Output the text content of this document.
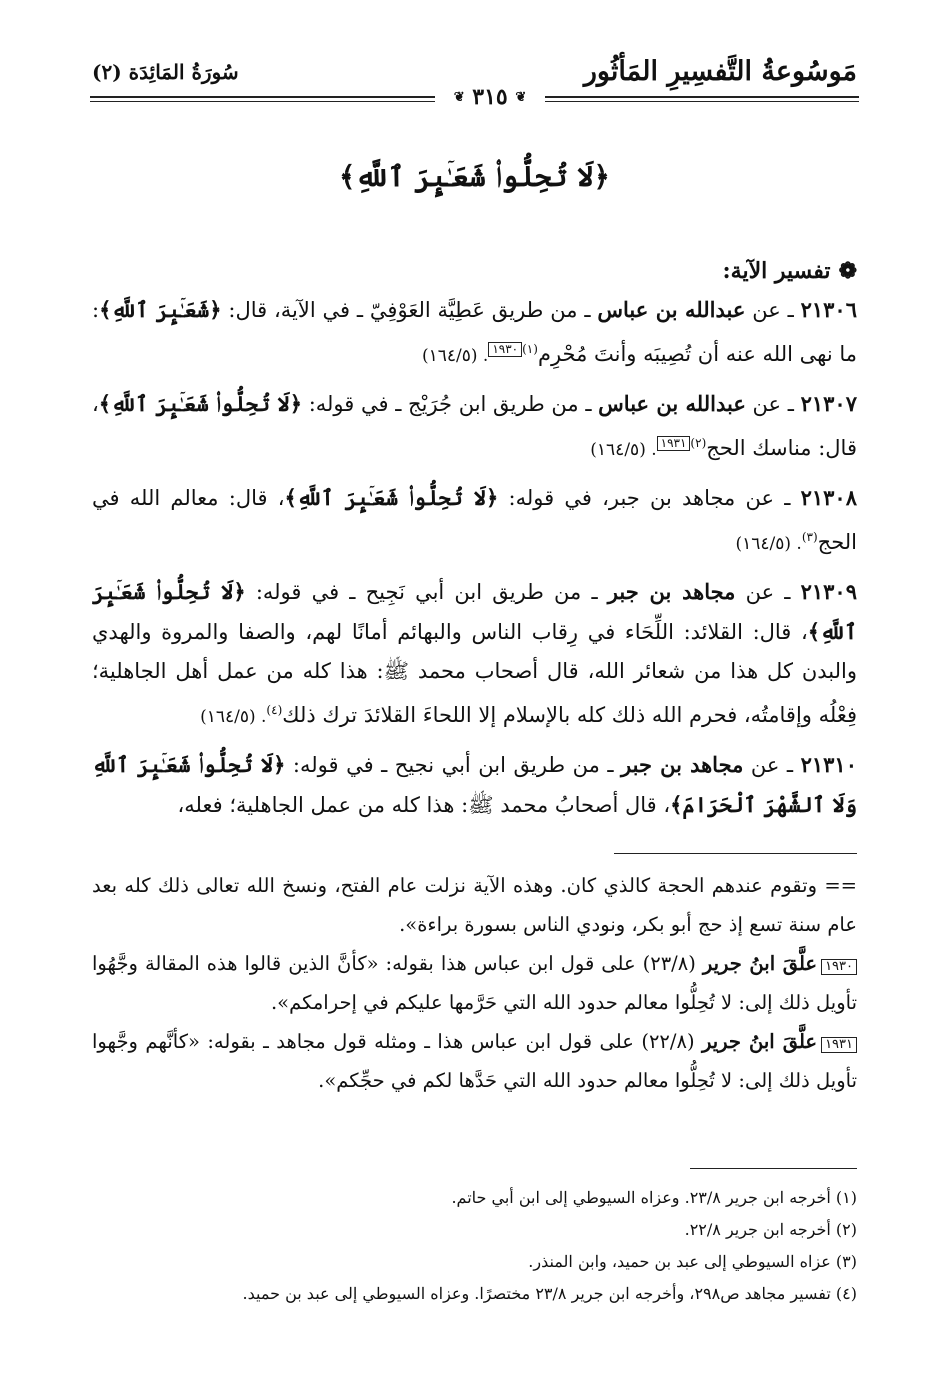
مَوسُوعةُ التَّفسِيرِ المَأثُور
سُورَةُ المَائِدَة (٢)
❦ ٣١٥ ❦
﴿لَا تُحِلُّوا۟ شَعَـٰۤىِٕرَ ٱللَّهِ﴾
❁تفسير الآية:

٢١٣٠٦ ـ عن عبدالله بن عباس ـ من طريق عَطِيَّة العَوْفِيّ ـ في الآية، قال: ﴿شَعَـٰۤىِٕرَ ٱللَّهِ﴾: ما نهى الله عنه أن تُصِيبَه وأنتَ مُحْرِم$^{(١)}$١٩٣٠. (١٦٤/٥)

٢١٣٠٧ ـ عن عبدالله بن عباس ـ من طريق ابن جُرَيْج ـ في قوله: ﴿لَا تُحِلُّوا۟ شَعَـٰۤىِٕرَ ٱللَّهِ﴾، قال: مناسك الحج$^{(٢)}$١٩٣١. (١٦٤/٥)

٢١٣٠٨ ـ عن مجاهد بن جبر، في قوله: ﴿لَا تُحِلُّوا۟ شَعَـٰۤىِٕرَ ٱللَّهِ﴾، قال: معالم الله في الحج$^{(٣)}$. (١٦٤/٥)

٢١٣٠٩ ـ عن مجاهد بن جبر ـ من طريق ابن أبي نَجِيح ـ في قوله: ﴿لَا تُحِلُّوا۟ شَعَـٰۤىِٕرَ ٱللَّهِ﴾، قال: القلائد: اللِّحَاء في رِقاب الناس والبهائم أمانًا لهم، والصفا والمروة والهدي والبدن كل هذا من شعائر الله، قال أصحاب محمد ﷺ: هذا كله من عمل أهل الجاهلية؛ فِعْلُه وإقامتُه، فحرم الله ذلك كله بالإسلام إلا اللحاءَ القلائدَ ترك ذلك$^{(٤)}$. (١٦٤/٥)

٢١٣١٠ ـ عن مجاهد بن جبر ـ من طريق ابن أبي نجيح ـ في قوله: ﴿لَا تُحِلُّوا۟ شَعَـٰۤىِٕرَ ٱللَّهِ وَلَا ٱلشَّهْرَ ٱلْحَرَامَ﴾، قال أصحابُ محمد ﷺ: هذا كله من عمل الجاهلية؛ فعله،

== وتقوم عندهم الحجة كالذي كان. وهذه الآية نزلت عام الفتح، ونسخ الله تعالى ذلك كله بعد عام سنة تسع إذ حج أبو بكر، ونودي الناس بسورة براءة».

١٩٣٠علَّقَ ابنُ جرير (٢٣/٨) على قول ابن عباس هذا بقوله: «كأنَّ الذين قالوا هذه المقالة وجَّهُوا تأويل ذلك إلى: لا تُحِلُّوا معالم حدود الله التي حَرَّمها عليكم في إحرامكم».

١٩٣١علَّقَ ابنُ جرير (٢٢/٨) على قول ابن عباس هذا ـ ومثله قول مجاهد ـ بقوله: «كأنَّهم وجَّهوا تأويل ذلك إلى: لا تُحِلُّوا معالم حدود الله التي حَدَّها لكم في حجِّكم».

(١) أخرجه ابن جرير ٢٣/٨. وعزاه السيوطي إلى ابن أبي حاتم.
(٢) أخرجه ابن جرير ٢٢/٨.
(٣) عزاه السيوطي إلى عبد بن حميد، وابن المنذر.
(٤) تفسير مجاهد ص٢٩٨، وأخرجه ابن جرير ٢٣/٨ مختصرًا. وعزاه السيوطي إلى عبد بن حميد.
